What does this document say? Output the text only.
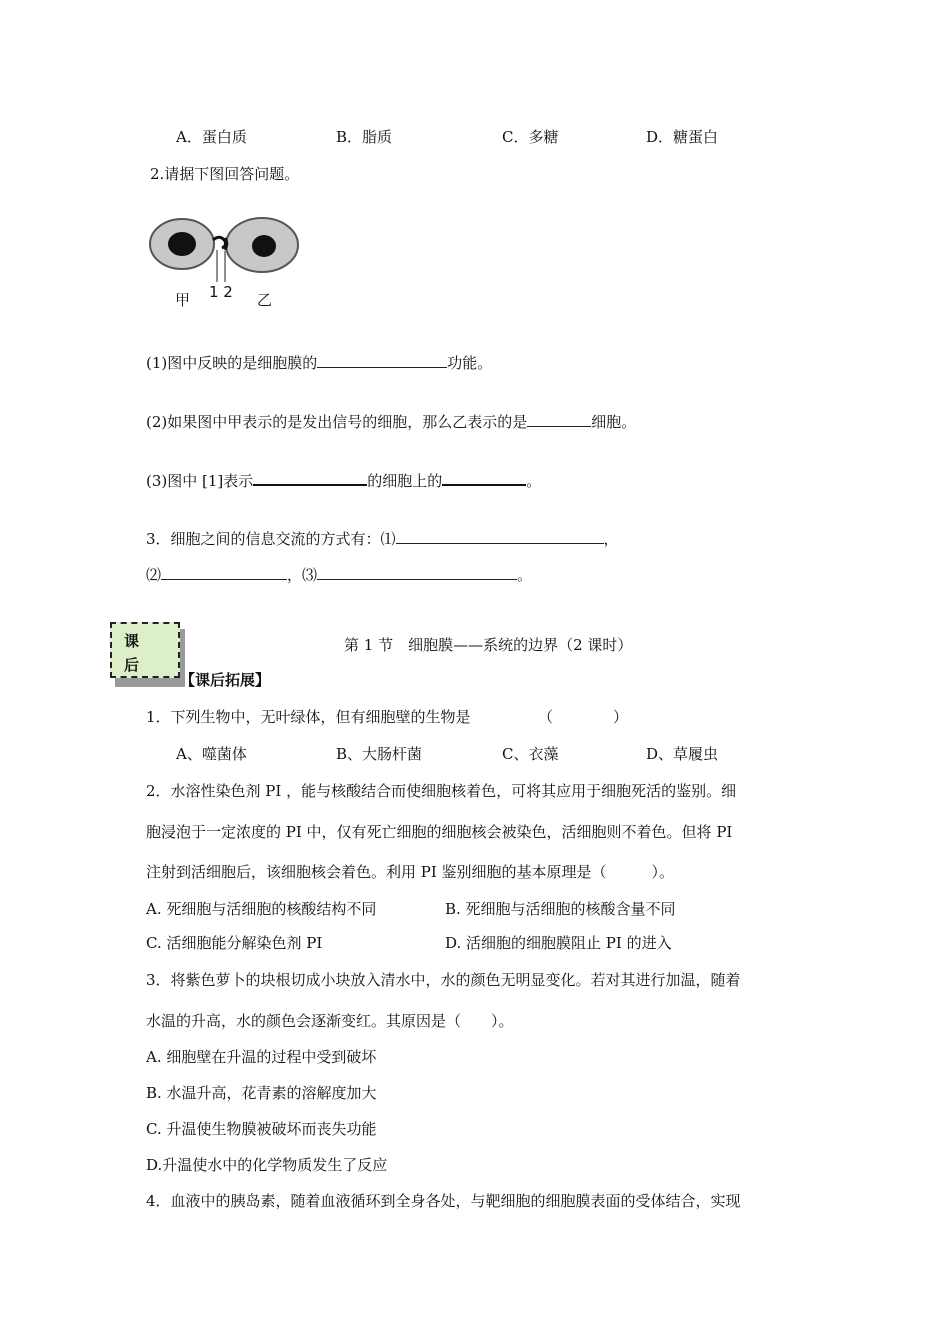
A．蛋白质	B．脂质	C．多糖	D．糖蛋白
2.请据下图回答问题。
甲 1 2 乙
(1)图中反映的是细胞膜的	功能。
(2)如果图中甲表示的是发出信号的细胞，那么乙表示的是	细胞。
(3)图中 [1]表示	的细胞上的	。
3．细胞之间的信息交流的方式有：⑴	，
⑵	，⑶	。
课
后
第 1 节　细胞膜——系统的边界（2 课时）
【课后拓展】
1．下列生物中，无叶绿体，但有细胞壁的生物是　　　　　（　　　　）
A、噬菌体	B、大肠杆菌	C、衣藻	D、草履虫
2．水溶性染色剂 PI ，能与核酸结合而使细胞核着色，可将其应用于细胞死活的鉴别。细
胞浸泡于一定浓度的 PI 中，仅有死亡细胞的细胞核会被染色，活细胞则不着色。但将 PI
注射到活细胞后，该细胞核会着色。利用 PI 鉴别细胞的基本原理是（　　　）。
A. 死细胞与活细胞的核酸结构不同	B. 死细胞与活细胞的核酸含量不同
C. 活细胞能分解染色剂 PI	D. 活细胞的细胞膜阻止 PI 的进入
3．将紫色萝卜的块根切成小块放入清水中，水的颜色无明显变化。若对其进行加温，随着
水温的升高，水的颜色会逐渐变红。其原因是（　　）。
A. 细胞壁在升温的过程中受到破坏
B. 水温升高，花青素的溶解度加大
C. 升温使生物膜被破坏而丧失功能
D.升温使水中的化学物质发生了反应
4．血液中的胰岛素，随着血液循环到全身各处，与靶细胞的细胞膜表面的受体结合，实现
